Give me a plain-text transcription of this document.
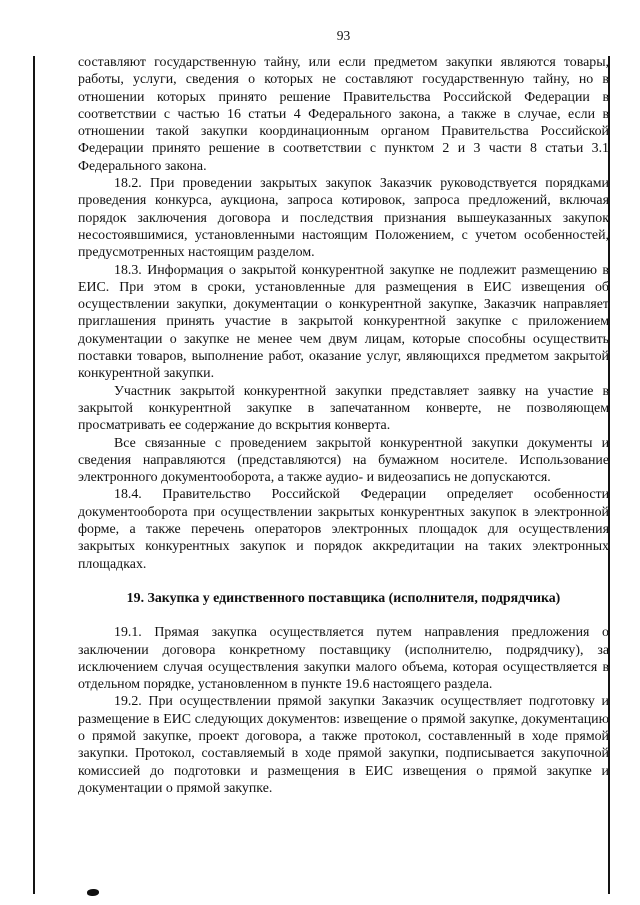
93

составляют государственную тайну, или если предметом закупки являются товары, работы, услуги, сведения о которых не составляют государственную тайну, но в отношении которых принято решение Правительства Российской Федерации в соответствии с частью 16 статьи 4 Федерального закона, а также в случае, если в отношении такой закупки координационным органом Правительства Российской Федерации принято решение в соответствии с пунктом 2 и 3 части 8 статьи 3.1 Федерального закона.

18.2. При проведении закрытых закупок Заказчик руководствуется порядками проведения конкурса, аукциона, запроса котировок, запроса предложений, включая порядок заключения договора и последствия признания вышеуказанных закупок несостоявшимися, установленными настоящим Положением, с учетом особенностей, предусмотренных настоящим разделом.

18.3. Информация о закрытой конкурентной закупке не подлежит размещению в ЕИС. При этом в сроки, установленные для размещения в ЕИС извещения об осуществлении закупки, документации о конкурентной закупке, Заказчик направляет приглашения принять участие в закрытой конкурентной закупке с приложением документации о закупке не менее чем двум лицам, которые способны осуществить поставки товаров, выполнение работ, оказание услуг, являющихся предметом закрытой конкурентной закупки.

Участник закрытой конкурентной закупки представляет заявку на участие в закрытой конкурентной закупке в запечатанном конверте, не позволяющем просматривать ее содержание до вскрытия конверта.

Все связанные с проведением закрытой конкурентной закупки документы и сведения направляются (представляются) на бумажном носителе. Использование электронного документооборота, а также аудио- и видеозапись не допускаются.

18.4. Правительство Российской Федерации определяет особенности документооборота при осуществлении закрытых конкурентных закупок в электронной форме, а также перечень операторов электронных площадок для осуществления закрытых конкурентных закупок и порядок аккредитации на таких электронных площадках.

19. Закупка у единственного поставщика (исполнителя, подрядчика)

19.1. Прямая закупка осуществляется путем направления предложения о заключении договора конкретному поставщику (исполнителю, подрядчику), за исключением случая осуществления закупки малого объема, которая осуществляется в отдельном порядке, установленном в пункте 19.6 настоящего раздела.

19.2. При осуществлении прямой закупки Заказчик осуществляет подготовку и размещение в ЕИС следующих документов: извещение о прямой закупке, документацию о прямой закупке, проект договора, а также протокол, составленный в ходе прямой закупки. Протокол, составляемый в ходе прямой закупки, подписывается закупочной комиссией до подготовки и размещения в ЕИС извещения о прямой закупке и документации о прямой закупке.
